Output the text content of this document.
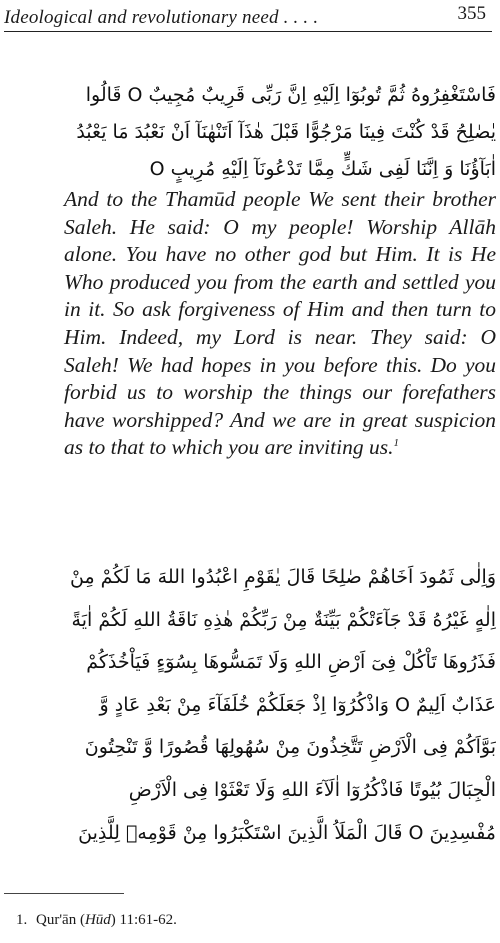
Ideological and revolutionary need . . . .	355

فَاسْتَغْفِرُوهُ ثُمَّ تُوبُوٓا اِلَيْهِ اِنَّ رَبِّى قَرِيبٌ مُجِيبٌ O قَالُوا

يٰصٰلِحُ قَدْ كُنْتَ فِينَا مَرْجُوًّا قَبْلَ هٰذَآ اَتَنْهٰنَآ اَنْ نَعْبُدَ مَا يَعْبُدُ

اٰبَآؤُنَا وَ اِنَّنَا لَفِى شَكٍّ مِمَّا تَدْعُونَآ اِلَيْهِ مُرِيبٍ O

And to the Thamūd people We sent their brother Saleh. He said: O my people! Worship Allāh alone. You have no other god but Him. It is He Who produced you from the earth and settled you in it. So ask forgiveness of Him and then turn to Him. Indeed, my Lord is near. They said: O Saleh! We had hopes in you before this. Do you forbid us to worship the things our forefathers have worshipped? And we are in great suspicion as to that to which you are inviting us.$^1$

وَاِلٰى ثَمُودَ اَخَاهُمْ صٰلِحًا قَالَ يٰقَوْمِ اعْبُدُوا اللهَ مَا لَكُمْ مِنْ

اِلٰهٍ غَيْرُهُ قَدْ جَآءَتْكُمْ بَيِّنَةٌ مِنْ رَبِّكُمْ هٰذِهِ نَاقَةُ اللهِ لَكُمْ اٰيَةً

فَذَرُوهَا تَاْكُلْ فِىٓ اَرْضِ اللهِ وَلَا تَمَسُّوهَا بِسُوٓءٍ فَيَاْخُذَكُمْ

عَذَابٌ اَلِيمٌ O وَاذْكُرُوٓا اِذْ جَعَلَكُمْ خُلَفَآءَ مِنْ بَعْدِ عَادٍ وَّ

بَوَّاَكُمْ فِى الْاَرْضِ تَتَّخِذُونَ مِنْ سُهُولِهَا قُصُورًا وَّ تَنْحِتُونَ

الْجِبَالَ بُيُوتًا فَاذْكُرُوٓا اٰلَآءَ اللهِ وَلَا تَعْثَوْا فِى الْاَرْضِ

مُفْسِدِينَ O قَالَ الْمَلَاُ الَّذِينَ اسْتَكْبَرُوا مِنْ قَوْمِهٖ لِلَّذِينَ

1. Qur'ān (Hūd) 11:61-62.
